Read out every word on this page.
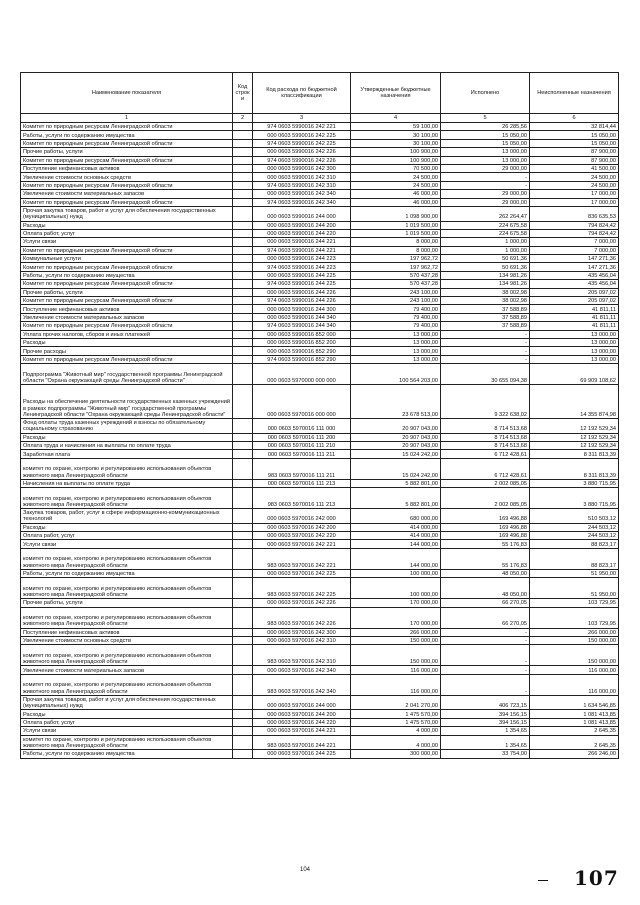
Наименование показателя	Код строк и	Код расхода по бюджетной классификации	Утвержденные бюджетные назначения	Исполнено	Неисполненные назначения
1	2	3	4	5	6
Комитет по природным ресурсам Ленинградской области		974 0603 5990016 242 221	59 100,00	26 285,56	32 814,44
Работы, услуги по содержанию имущества		000 0603 5990016 242 225	30 100,00	15 050,00	15 050,00
Комитет по природным ресурсам Ленинградской области		974 0603 5990016 242 225	30 100,00	15 050,00	15 050,00
Прочие работы, услуги		000 0603 5990016 242 226	100 900,00	13 000,00	87 900,00
Комитет по природным ресурсам Ленинградской области		974 0603 5990016 242 226	100 900,00	13 000,00	87 900,00
Поступление нефинансовых активов		000 0603 5990016 242 300	70 500,00	29 000,00	41 500,00
Увеличение стоимости основных средств		000 0603 5990016 242 310	24 500,00	-	24 500,00
Комитет по природным ресурсам Ленинградской области		974 0603 5990016 242 310	24 500,00	-	24 500,00
Увеличение стоимости материальных запасов		000 0603 5990016 242 340	46 000,00	29 000,00	17 000,00
Комитет по природным ресурсам Ленинградской области		974 0603 5990016 242 340	46 000,00	29 000,00	17 000,00
Прочая закупка товаров, работ и услуг для обеспечения государственных (муниципальных) нужд		000 0603 5990016 244 000	1 098 900,00	262 264,47	836 635,53
Расходы		000 0603 5990016 244 200	1 019 500,00	224 675,58	794 824,42
Оплата работ, услуг		000 0603 5990016 244 220	1 019 500,00	224 675,58	794 824,42
Услуги связи		000 0603 5990016 244 221	8 000,00	1 000,00	7 000,00
Комитет по природным ресурсам Ленинградской области		974 0603 5990016 244 221	8 000,00	1 000,00	7 000,00
Коммунальные услуги		000 0603 5990016 244 223	197 962,72	50 691,36	147 271,36
Комитет по природным ресурсам Ленинградской области		974 0603 5990016 244 223	197 962,72	50 691,36	147 271,36
Работы, услуги по содержанию имущества		000 0603 5990016 244 225	570 437,28	134 981,26	435 456,04
Комитет по природным ресурсам Ленинградской области		974 0603 5990016 244 225	570 437,28	134 981,26	435 456,04
Прочие работы, услуги		000 0603 5990016 244 226	243 100,00	38 002,98	205 097,02
Комитет по природным ресурсам Ленинградской области		974 0603 5990016 244 226	243 100,00	38 002,98	205 097,02
Поступление нефинансовых активов		000 0603 5990016 244 300	79 400,00	37 588,89	41 811,11
Увеличение стоимости материальных запасов		000 0603 5990016 244 340	79 400,00	37 588,89	41 811,11
Комитет по природным ресурсам Ленинградской области		974 0603 5990016 244 340	79 400,00	37 588,89	41 811,11
Уплата прочих налогов, сборов и иных платежей		000 0603 5990016 852 000	13 000,00	-	13 000,00
Расходы		000 0603 5990016 852 200	13 000,00	-	13 000,00
Прочие расходы		000 0603 5990016 852 290	13 000,00	-	13 000,00
Комитет по природным ресурсам Ленинградской области		974 0603 5990016 852 290	13 000,00	-	13 000,00
Подпрограмма "Животный мир" государственной программы Ленинградской области "Охрана окружающей среды Ленинградской области"		000 0603 5970000 000 000	100 564 203,00	30 655 094,38	69 909 108,62
Расходы на обеспечение деятельности государственных казенных учреждений в рамках подпрограммы "Животный мир" государственной программы Ленинградской области "Охрана окружающей среды Ленинградской области"		000 0603 5970016 000 000	23 678 513,00	9 322 638,02	14 355 874,98
Фонд оплаты труда казенных учреждений и взносы по обязательному социальному страхованию		000 0603 5970016 111 000	20 907 043,00	8 714 513,68	12 192 529,34
Расходы		000 0603 5970016 111 200	20 907 043,00	8 714 513,68	12 192 529,34
Оплата труда и начисления на выплаты по оплате труда		000 0603 5970016 111 210	20 907 043,00	8 714 513,68	12 192 529,34
Заработная плата		000 0603 5970016 111 211	15 024 242,00	6 712 428,61	8 311 813,39
комитет по охране, контролю и регулированию использования объектов животного мира Ленинградской области		983 0603 5970016 111 211	15 024 242,00	6 712 428,61	8 311 813,39
Начисления на выплаты по оплате труда		000 0603 5970016 111 213	5 882 801,00	2 002 085,05	3 880 715,95
комитет по охране, контролю и регулированию использования объектов животного мира Ленинградской области		983 0603 5970016 111 213	5 882 801,00	2 002 085,05	3 880 715,95
Закупка товаров, работ, услуг в сфере информационно-коммуникационных технологий		000 0603 5970016 242 000	680 000,00	169 496,88	510 503,12
Расходы		000 0603 5970016 242 200	414 000,00	169 496,88	244 503,12
Оплата работ, услуг		000 0603 5970016 242 220	414 000,00	169 496,88	244 503,12
Услуги связи		000 0603 5970016 242 221	144 000,00	55 176,83	88 823,17
комитет по охране, контролю и регулированию использования объектов животного мира Ленинградской области		983 0603 5970016 242 221	144 000,00	55 176,83	88 823,17
Работы, услуги по содержанию имущества		000 0603 5970016 242 225	100 000,00	48 050,00	51 950,00
комитет по охране, контролю и регулированию использования объектов животного мира Ленинградской области		983 0603 5970016 242 225	100 000,00	48 050,00	51 950,00
Прочие работы, услуги		000 0603 5970016 242 226	170 000,00	66 270,05	103 729,95
комитет по охране, контролю и регулированию использования объектов животного мира Ленинградской области		983 0603 5970016 242 226	170 000,00	66 270,05	103 729,95
Поступление нефинансовых активов		000 0603 5970016 242 300	266 000,00	-	266 000,00
Увеличение стоимости основных средств		000 0603 5970016 242 310	150 000,00	-	150 000,00
комитет по охране, контролю и регулированию использования объектов животного мира Ленинградской области		983 0603 5970016 242 310	150 000,00	-	150 000,00
Увеличение стоимости материальных запасов		000 0603 5970016 242 340	116 000,00	-	116 000,00
комитет по охране, контролю и регулированию использования объектов животного мира Ленинградской области		983 0603 5970016 242 340	116 000,00	-	116 000,00
Прочая закупка товаров, работ и услуг для обеспечения государственных (муниципальных) нужд		000 0603 5970016 244 000	2 041 270,00	406 723,15	1 634 546,85
Расходы		000 0603 5970016 244 200	1 475 570,00	394 156,15	1 081 413,85
Оплата работ, услуг		000 0603 5970016 244 220	1 475 570,00	394 156,15	1 081 413,85
Услуги связи		000 0603 5970016 244 221	4 000,00	1 354,65	2 645,35
комитет по охране, контролю и регулированию использования объектов животного мира Ленинградской области		983 0603 5970016 244 221	4 000,00	1 354,65	2 645,35
Работы, услуги по содержанию имущества		000 0603 5970016 244 225	300 000,00	33 754,00	266 246,00
104	107
